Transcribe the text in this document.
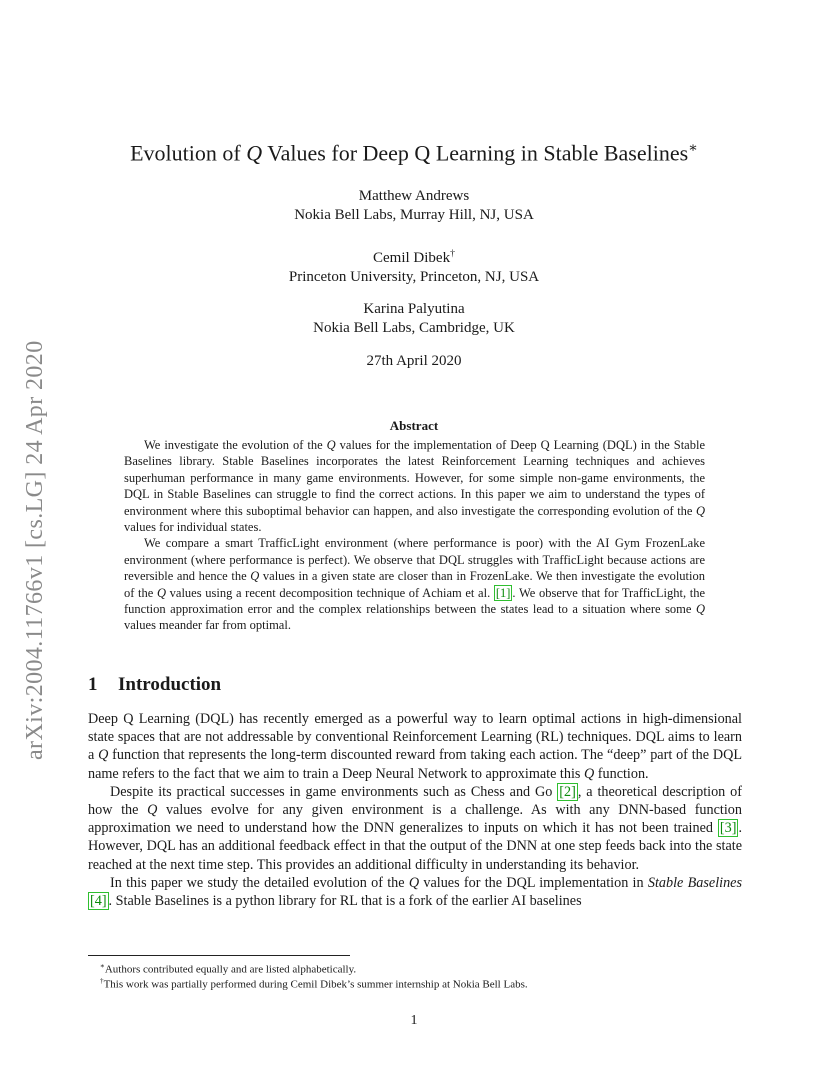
arXiv:2004.11766v1 [cs.LG] 24 Apr 2020
Evolution of Q Values for Deep Q Learning in Stable Baselines∗
Matthew Andrews
Nokia Bell Labs, Murray Hill, NJ, USA
Cemil Dibek†
Princeton University, Princeton, NJ, USA
Karina Palyutina
Nokia Bell Labs, Cambridge, UK
27th April 2020
Abstract

We investigate the evolution of the Q values for the implementation of Deep Q Learning (DQL) in the Stable Baselines library. Stable Baselines incorporates the latest Reinforcement Learning techniques and achieves superhuman performance in many game environments. However, for some simple non-game environments, the DQL in Stable Baselines can struggle to find the correct actions. In this paper we aim to understand the types of environment where this suboptimal behavior can happen, and also investigate the corresponding evolution of the Q values for individual states.

We compare a smart TrafficLight environment (where performance is poor) with the AI Gym FrozenLake environment (where performance is perfect). We observe that DQL struggles with TrafficLight because actions are reversible and hence the Q values in a given state are closer than in FrozenLake. We then investigate the evolution of the Q values using a recent decomposition technique of Achiam et al. [1] . We observe that for TrafficLight, the function approximation error and the complex relationships between the states lead to a situation where some Q values meander far from optimal.

1 Introduction

Deep Q Learning (DQL) has recently emerged as a powerful way to learn optimal actions in high-dimensional state spaces that are not addressable by conventional Reinforcement Learning (RL) techniques. DQL aims to learn a Q function that represents the long-term discounted reward from taking each action. The “deep” part of the DQL name refers to the fact that we aim to train a Deep Neural Network to approximate this Q function.

Despite its practical successes in game environments such as Chess and Go [2] , a theoretical description of how the Q values evolve for any given environment is a challenge. As with any DNN-based function approximation we need to understand how the DNN generalizes to inputs on which it has not been trained [3] . However, DQL has an additional feedback effect in that the output of the DNN at one step feeds back into the state reached at the next time step. This provides an additional difficulty in understanding its behavior.

In this paper we study the detailed evolution of the Q values for the DQL implementation in Stable Baselines [4] . Stable Baselines is a python library for RL that is a fork of the earlier AI baselines

∗Authors contributed equally and are listed alphabetically.
†This work was partially performed during Cemil Dibek’s summer internship at Nokia Bell Labs.
1
